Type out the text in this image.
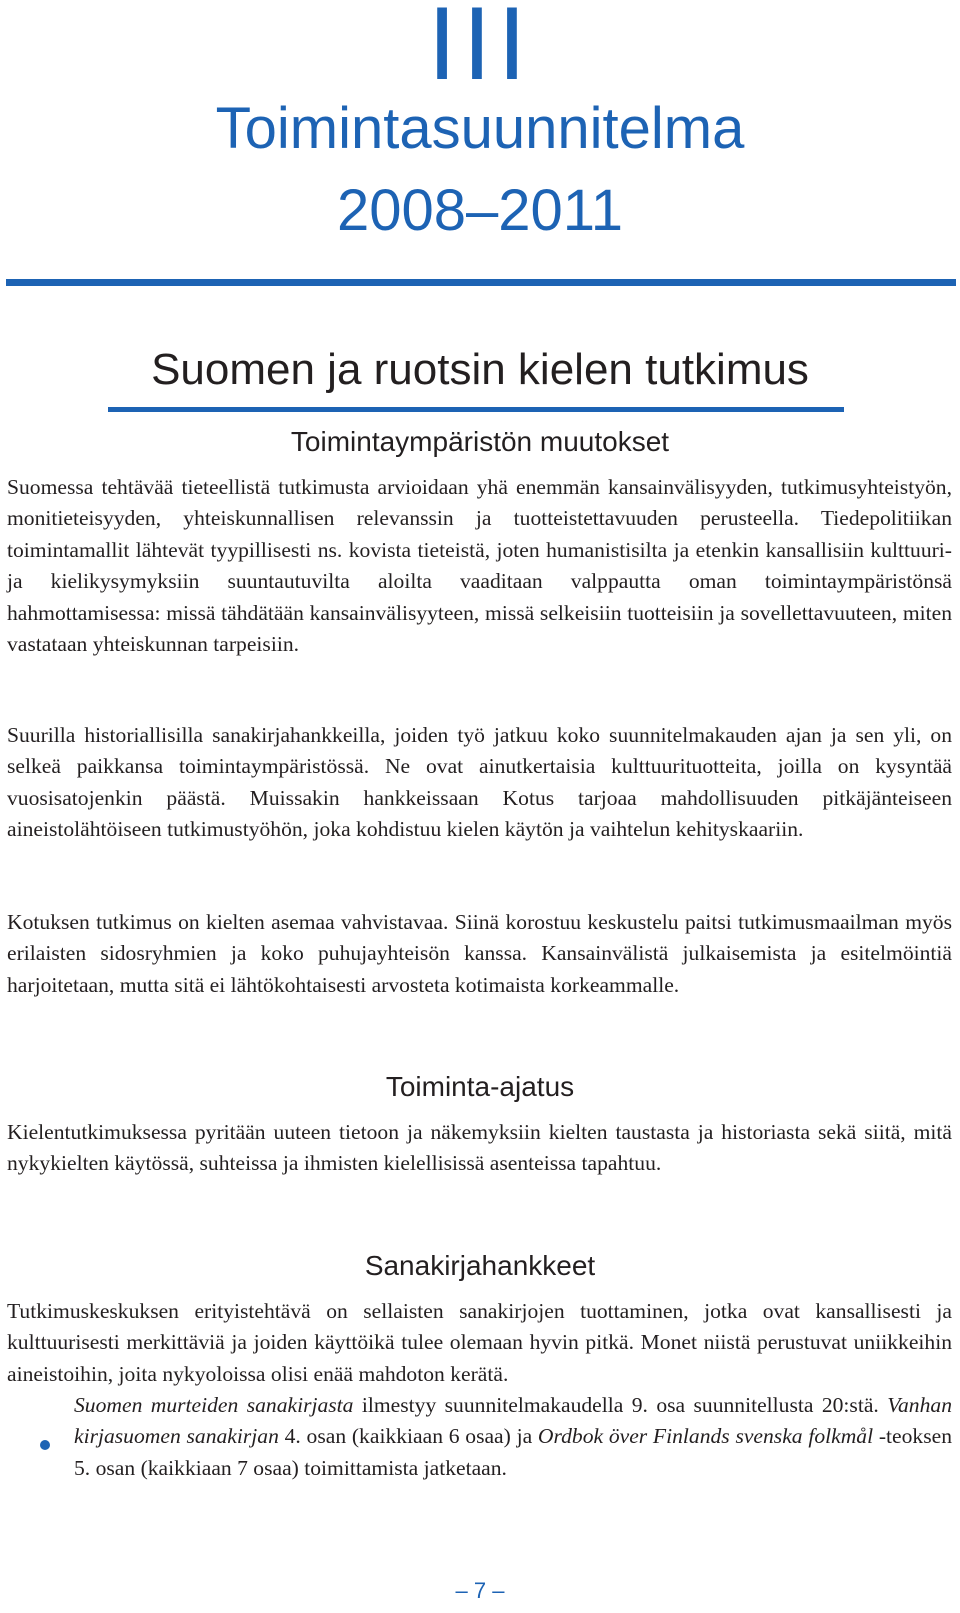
III
Toimintasuunnitelma
2008–2011
Suomen ja ruotsin kielen tutkimus
Toimintaympäristön muutokset
Suomessa tehtävää tieteellistä tutkimusta arvioidaan yhä enemmän kansainvälisyyden, tutkimusyhteistyön, monitieteisyyden, yhteiskunnallisen relevanssin ja tuotteistettavuuden perusteella. Tiedepolitiikan toimintamallit lähtevät tyypillisesti ns. kovista tieteistä, joten humanistisilta ja etenkin kansallisiin kulttuuri- ja kielikysymyksiin suuntautuvilta aloilta vaaditaan valppautta oman toimintaympäristönsä hahmottamisessa: missä tähdätään kansainvälisyyteen, missä selkeisiin tuotteisiin ja sovellettavuuteen, miten vastataan yhteiskunnan tarpeisiin.
Suurilla historiallisilla sanakirjahankkeilla, joiden työ jatkuu koko suunnitelmakauden ajan ja sen yli, on selkeä paikkansa toimintaympäristössä. Ne ovat ainutkertaisia kulttuurituotteita, joilla on kysyntää vuosisatojenkin päästä. Muissakin hankkeissaan Kotus tarjoaa mahdollisuuden pitkäjänteiseen aineistolähtöiseen tutkimustyöhön, joka kohdistuu kielen käytön ja vaihtelun kehityskaariin.
Kotuksen tutkimus on kielten asemaa vahvistavaa. Siinä korostuu keskustelu paitsi tutkimusmaailman myös erilaisten sidosryhmien ja koko puhujayhteisön kanssa. Kansainvälistä julkaisemista ja esitelmöintiä harjoitetaan, mutta sitä ei lähtökohtaisesti arvosteta kotimaista korkeammalle.
Toiminta-ajatus
Kielentutkimuksessa pyritään uuteen tietoon ja näkemyksiin kielten taustasta ja historiasta sekä siitä, mitä nykykielten käytössä, suhteissa ja ihmisten kielellisissä asenteissa tapahtuu.
Sanakirjahankkeet
Tutkimuskeskuksen erityistehtävä on sellaisten sanakirjojen tuottaminen, jotka ovat kansallisesti ja kulttuurisesti merkittäviä ja joiden käyttöikä tulee olemaan hyvin pitkä. Monet niistä perustuvat uniikkeihin aineistoihin, joita nykyoloissa olisi enää mahdoton kerätä.
Suomen murteiden sanakirjasta ilmestyy suunnitelmakaudella 9. osa suunnitellusta 20:stä. Vanhan kirjasuomen sanakirjan 4. osan (kaikkiaan 6 osaa) ja Ordbok över Finlands svenska folkmål -teoksen 5. osan (kaikkiaan 7 osaa) toimittamista jatketaan.
– 7 –
